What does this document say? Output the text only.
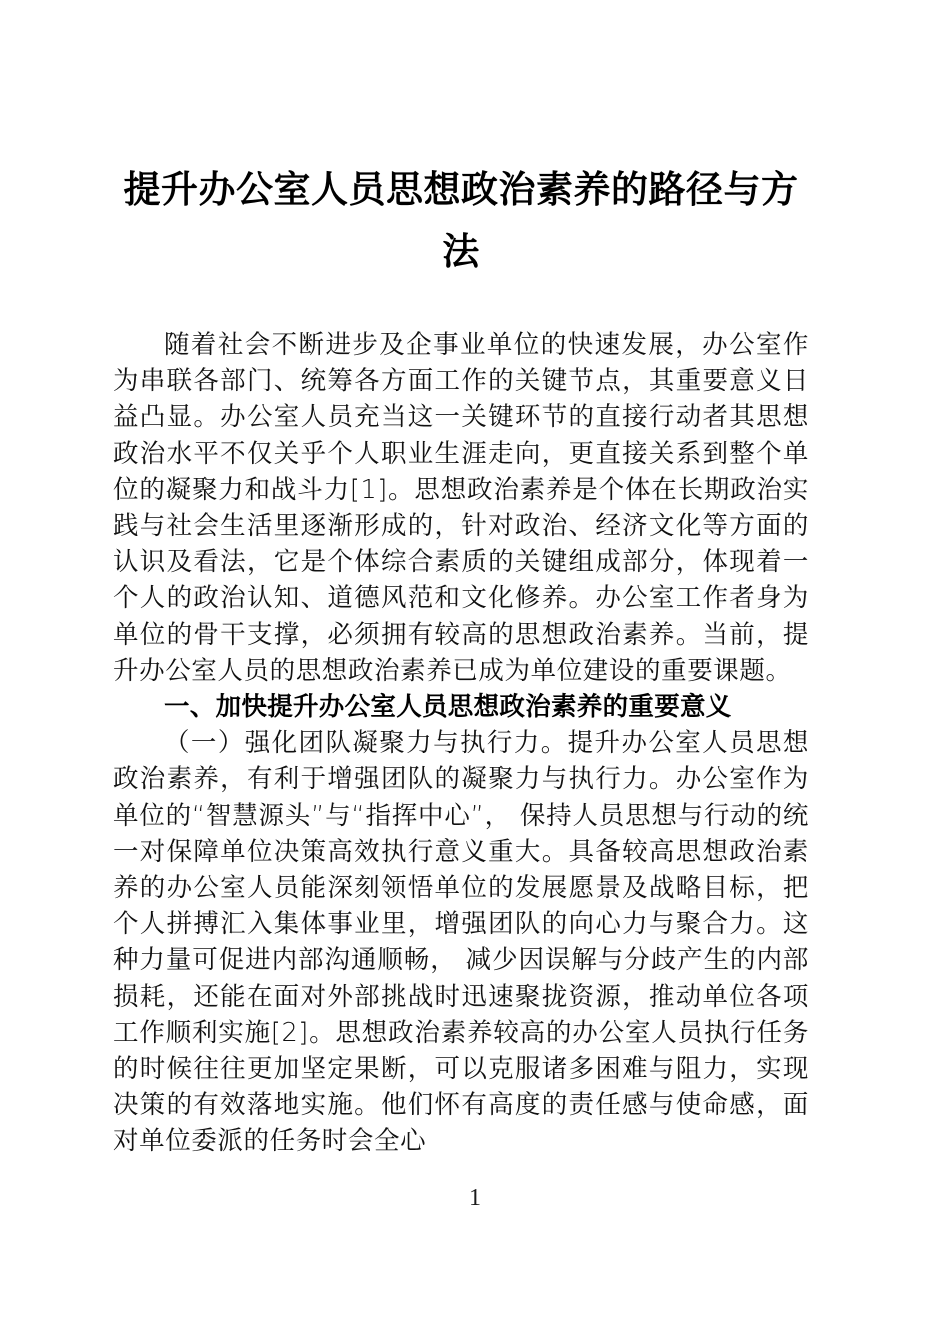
提升办公室人员思想政治素养的路径与方法

随着社会不断进步及企事业单位的快速发展，办公室作为串联各部门、统筹各方面工作的关键节点，其重要意义日益凸显。办公室人员充当这一关键环节的直接行动者其思想政治水平不仅关乎个人职业生涯走向，更直接关系到整个单位的凝聚力和战斗力[1]。思想政治素养是个体在长期政治实践与社会生活里逐渐形成的，针对政治、经济文化等方面的认识及看法，它是个体综合素质的关键组成部分，体现着一个人的政治认知、道德风范和文化修养。办公室工作者身为单位的骨干支撑，必须拥有较高的思想政治素养。当前，提升办公室人员的思想政治素养已成为单位建设的重要课题。

一、加快提升办公室人员思想政治素养的重要意义

（一）强化团队凝聚力与执行力。提升办公室人员思想政治素养，有利于增强团队的凝聚力与执行力。办公室作为单位的“智慧源头”与“指挥中心”， 保持人员思想与行动的统一对保障单位决策高效执行意义重大。具备较高思想政治素养的办公室人员能深刻领悟单位的发展愿景及战略目标，把个人拼搏汇入集体事业里，增强团队的向心力与聚合力。这种力量可促进内部沟通顺畅， 减少因误解与分歧产生的内部损耗，还能在面对外部挑战时迅速聚拢资源，推动单位各项工作顺利实施[2]。思想政治素养较高的办公室人员执行任务的时候往往更加坚定果断，可以克服诸多困难与阻力，实现决策的有效落地实施。他们怀有高度的责任感与使命感，面对单位委派的任务时会全心

1
